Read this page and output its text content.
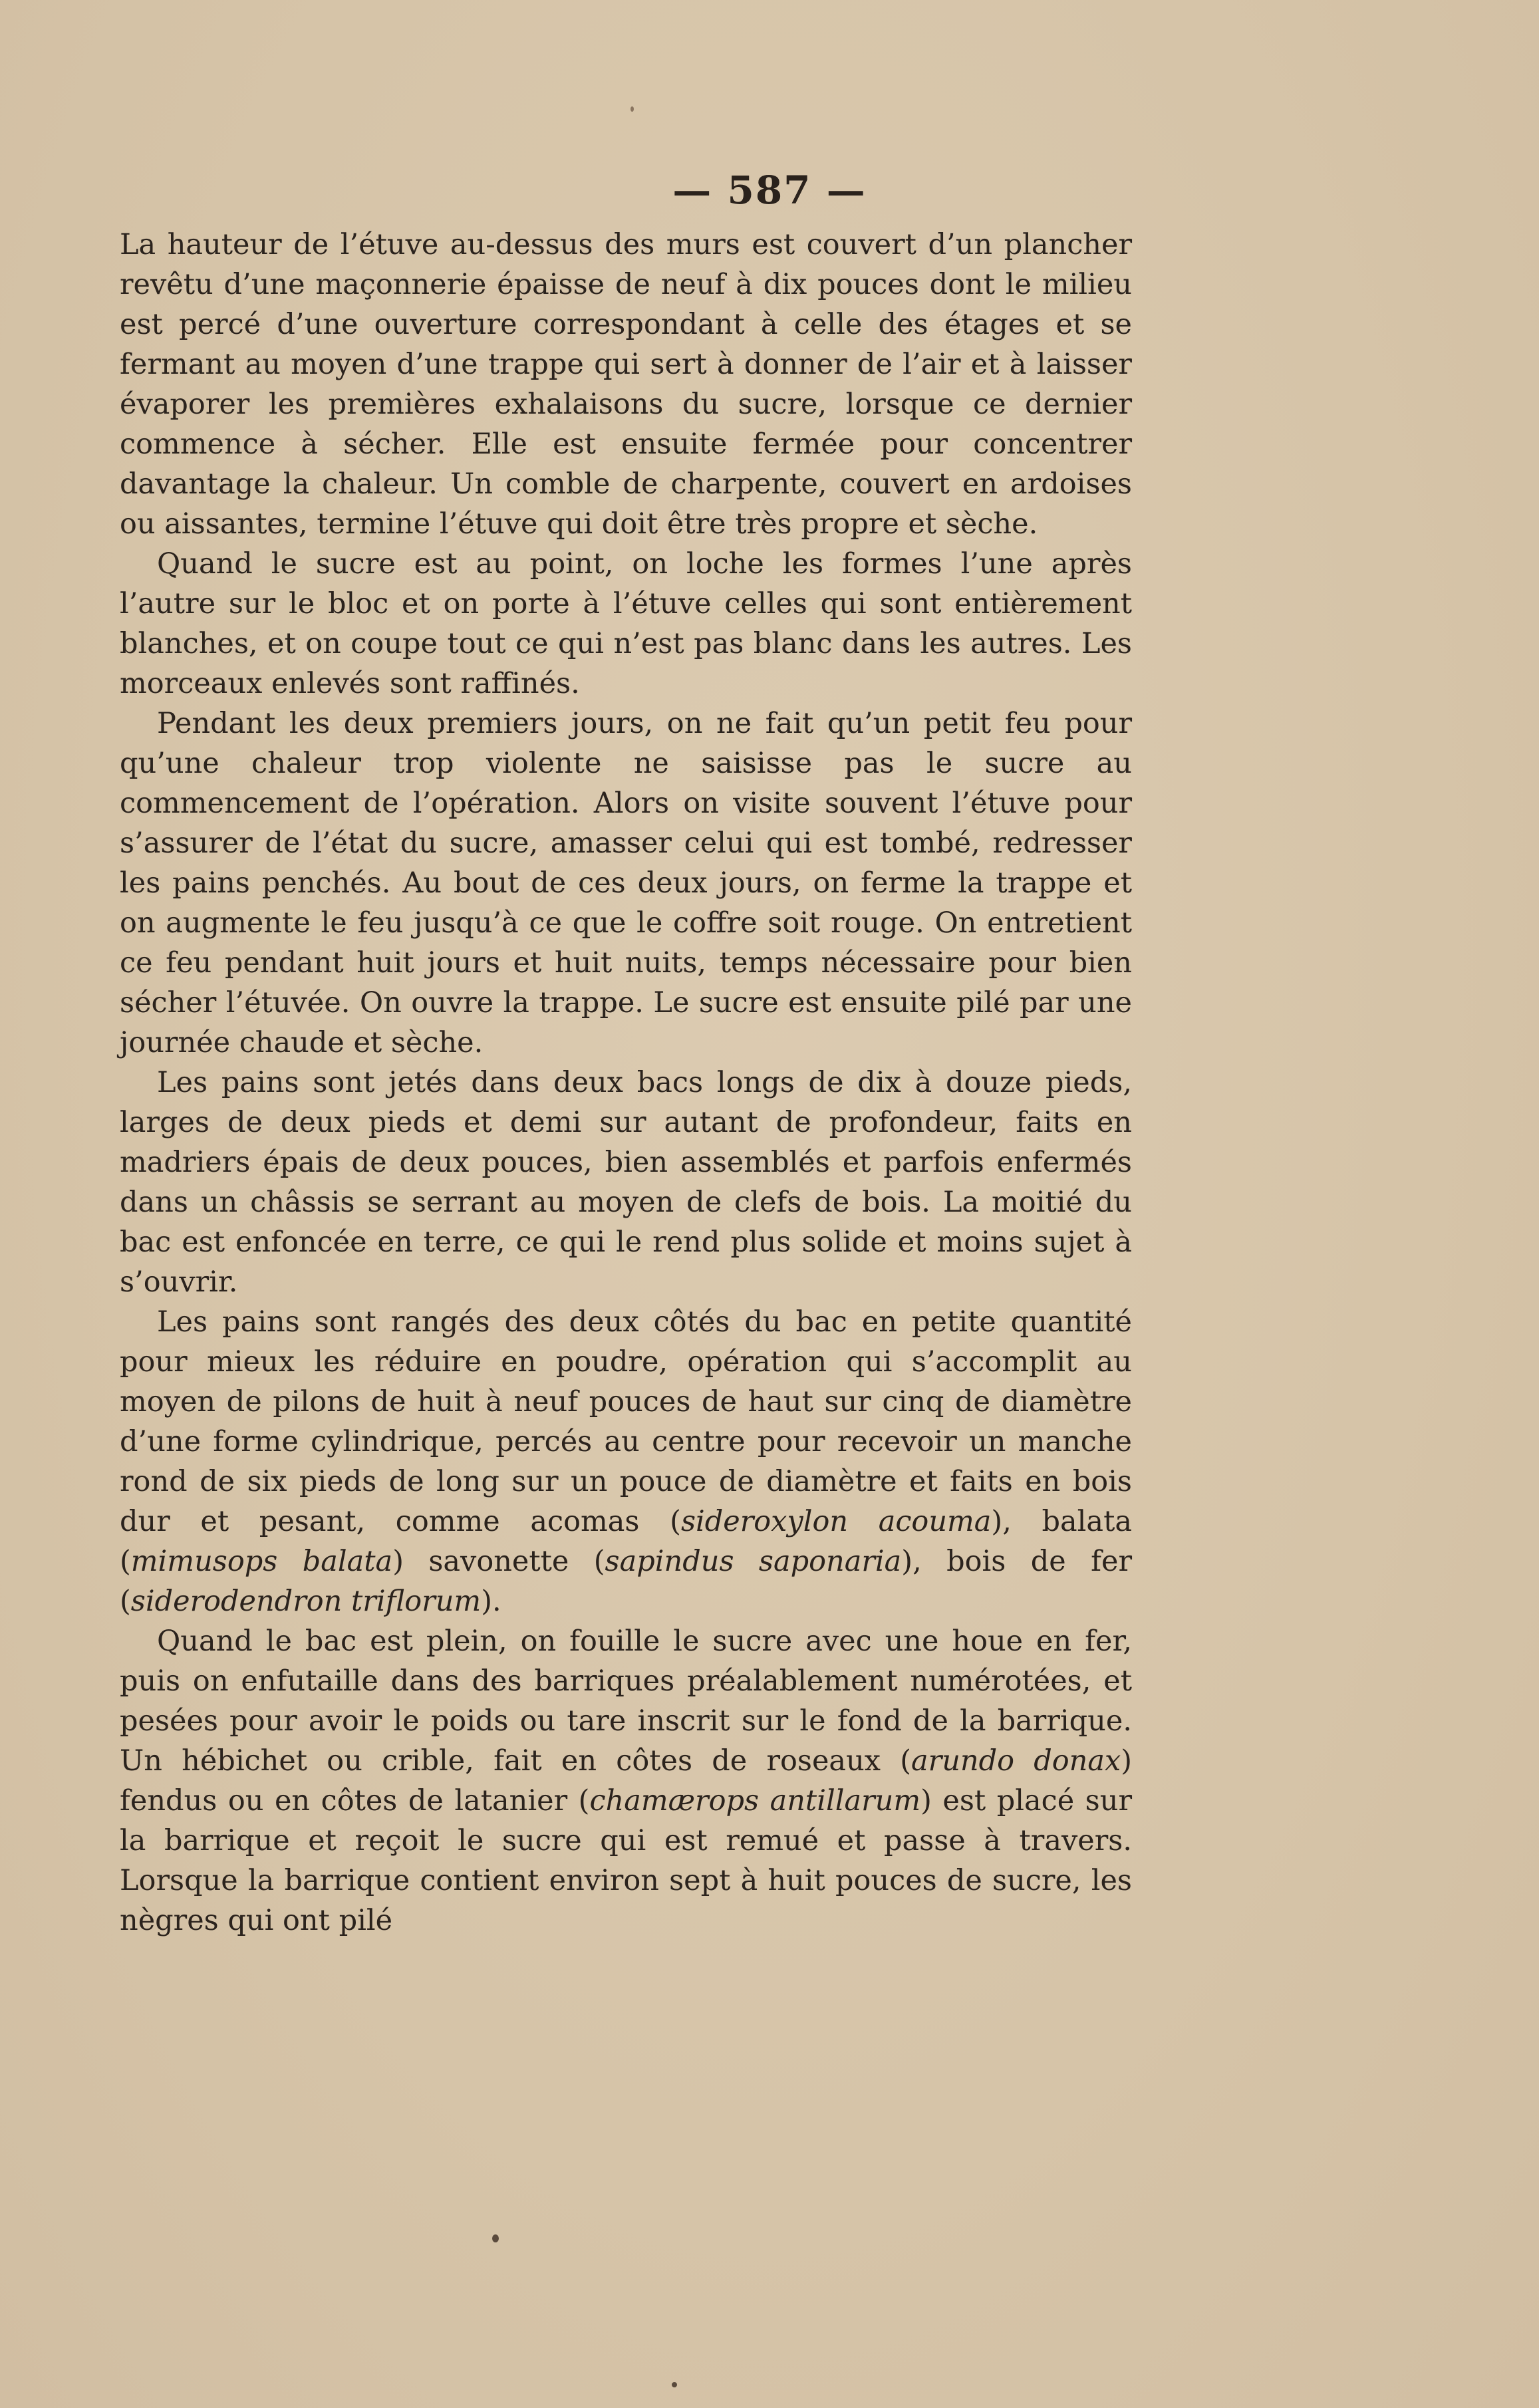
— 587 —

La hauteur de l’étuve au-dessus des murs est couvert d’un plancher revêtu d’une maçonnerie épaisse de neuf à dix pouces dont le milieu est percé d’une ouverture correspondant à celle des étages et se fermant au moyen d’une trappe qui sert à donner de l’air et à laisser évaporer les premières exhalaisons du sucre, lorsque ce dernier commence à sécher. Elle est ensuite fermée pour concentrer davantage la chaleur. Un comble de charpente, couvert en ardoises ou aissantes, termine l’étuve qui doit être très propre et sèche.

Quand le sucre est au point, on loche les formes l’une après l’autre sur le bloc et on porte à l’étuve celles qui sont entièrement blanches, et on coupe tout ce qui n’est pas blanc dans les autres. Les morceaux enlevés sont raffinés.

Pendant les deux premiers jours, on ne fait qu’un petit feu pour qu’une chaleur trop violente ne saisisse pas le sucre au commencement de l’opération. Alors on visite souvent l’étuve pour s’assurer de l’état du sucre, amasser celui qui est tombé, redresser les pains penchés. Au bout de ces deux jours, on ferme la trappe et on augmente le feu jusqu’à ce que le coffre soit rouge. On entretient ce feu pendant huit jours et huit nuits, temps nécessaire pour bien sécher l’étuvée. On ouvre la trappe. Le sucre est ensuite pilé par une journée chaude et sèche.

Les pains sont jetés dans deux bacs longs de dix à douze pieds, larges de deux pieds et demi sur autant de profondeur, faits en madriers épais de deux pouces, bien assemblés et parfois enfermés dans un châssis se serrant au moyen de clefs de bois. La moitié du bac est enfoncée en terre, ce qui le rend plus solide et moins sujet à s’ouvrir.

Les pains sont rangés des deux côtés du bac en petite quantité pour mieux les réduire en poudre, opération qui s’accomplit au moyen de pilons de huit à neuf pouces de haut sur cinq de diamètre d’une forme cylindrique, percés au centre pour recevoir un manche rond de six pieds de long sur un pouce de diamètre et faits en bois dur et pesant, comme acomas (sideroxylon acouma), balata (mimusops balata) savonette (sapindus saponaria), bois de fer (siderodendron triflorum).

Quand le bac est plein, on fouille le sucre avec une houe en fer, puis on enfutaille dans des barriques préalablement numérotées, et pesées pour avoir le poids ou tare inscrit sur le fond de la barrique. Un hébichet ou crible, fait en côtes de roseaux (arundo donax) fendus ou en côtes de latanier (chamærops antillarum) est placé sur la barrique et reçoit le sucre qui est remué et passe à travers. Lorsque la barrique contient environ sept à huit pouces de sucre, les nègres qui ont pilé
